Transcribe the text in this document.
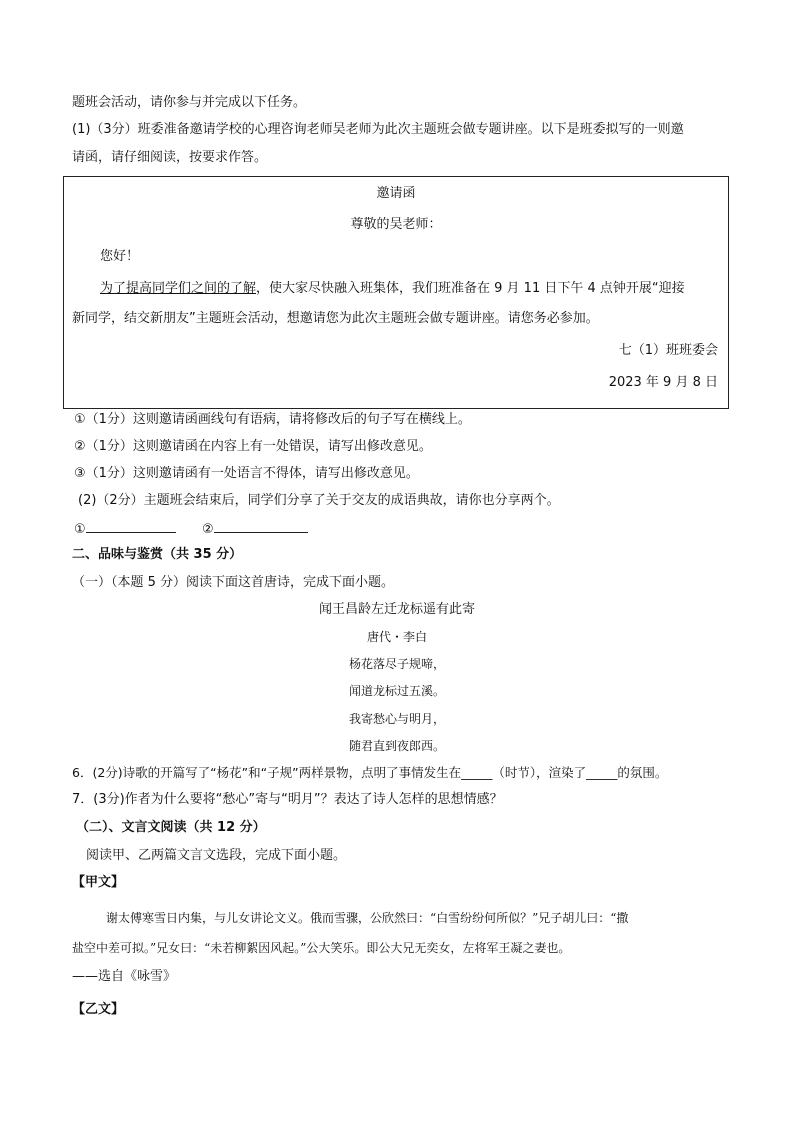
题班会活动，请你参与并完成以下任务。
(1)（3分）班委准备邀请学校的心理咨询老师吴老师为此次主题班会做专题讲座。以下是班委拟写的一则邀
请函，请仔细阅读，按要求作答。
邀请函
尊敬的吴老师：
您好！
为了提高同学们之间的了解，使大家尽快融入班集体，我们班准备在 9 月 11 日下午 4 点钟开展“迎接
新同学，结交新朋友”主题班会活动，想邀请您为此次主题班会做专题讲座。请您务必参加。
七（1）班班委会
2023 年 9 月 8 日
①（1分）这则邀请函画线句有语病，请将修改后的句子写在横线上。
②（1分）这则邀请函在内容上有一处错误，请写出修改意见。
③（1分）这则邀请函有一处语言不得体，请写出修改意见。
(2)（2分）主题班会结束后，同学们分享了关于交友的成语典故，请你也分享两个。
①	②
二、品味与鉴赏（共 35 分）
（一）（本题 5 分）阅读下面这首唐诗，完成下面小题。
闻王昌龄左迁龙标遥有此寄
唐代・李白
杨花落尽子规啼，
闻道龙标过五溪。
我寄愁心与明月，
随君直到夜郎西。
6．(2分)诗歌的开篇写了“杨花”和“子规”两样景物，点明了事情发生在_____（时节），渲染了_____的氛围。
7．(3分)作者为什么要将“愁心”寄与“明月”？表达了诗人怎样的思想情感？
（二）、文言文阅读（共 12 分）
阅读甲、乙两篇文言文选段，完成下面小题。
【甲文】
谢太傅寒雪日内集，与儿女讲论文义。俄而雪骤，公欣然曰：“白雪纷纷何所似？”兄子胡儿曰：“撒
盐空中差可拟。”兄女曰：“未若柳絮因风起。”公大笑乐。即公大兄无奕女，左将军王凝之妻也。
——选自《咏雪》
【乙文】
